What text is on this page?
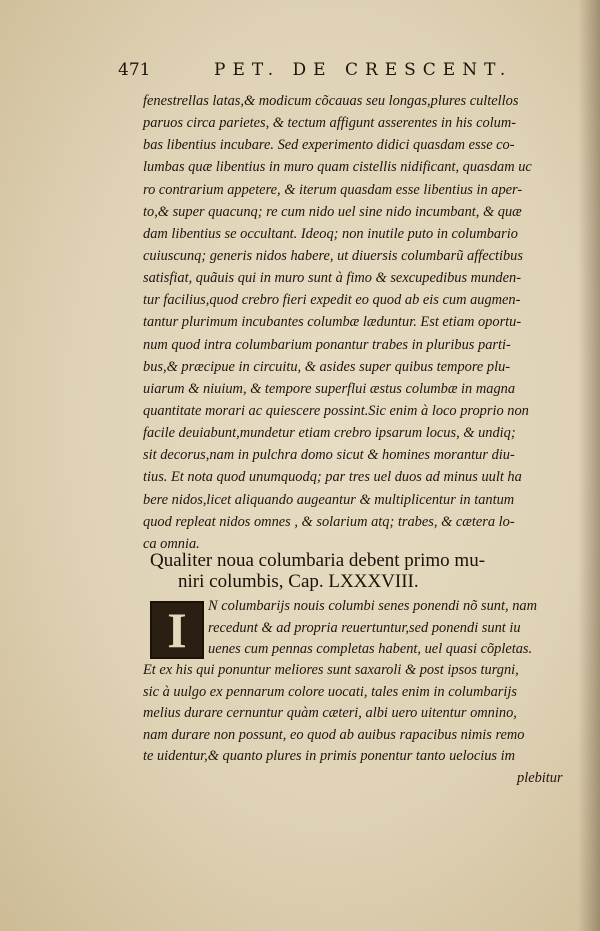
471	PET. DE CRESCENT.
fenestrellas latas,& modicum cõcauas seu longas,plures cultellos
paruos circa parietes, & tectum affigunt asserentes in his colum-
bas libentius incubare. Sed experimento didici quasdam esse co-
lumbas quæ libentius in muro quam cistellis nidificant, quasdam uc
ro contrarium appetere, & iterum quasdam esse libentius in aper-
to,& super quacunq; re cum nido uel sine nido incumbant, & quæ
dam libentius se occultant. Ideoq; non inutile puto in columbario
cuiuscunq; generis nidos habere, ut diuersis columbarũ affectibus
satisfiat, quãuis qui in muro sunt à fimo & sexcupedibus munden-
tur facilius,quod crebro fieri expedit eo quod ab eis cum augmen-
tantur plurimum incubantes columbæ læduntur. Est etiam oportu-
num quod intra columbarium ponantur trabes in pluribus parti-
bus,& præcipue in circuitu, & asides super quibus tempore plu-
uiarum & niuium, & tempore superflui æstus columbæ in magna
quantitate morari ac quiescere possint.Sic enim à loco proprio non
facile deuiabunt,mundetur etiam crebro ipsarum locus, & undiq;
sit decorus,nam in pulchra domo sicut & homines morantur diu-
tius. Et nota quod unumquodq; par tres uel duos ad minus uult ha
bere nidos,licet aliquando augeantur & multiplicentur in tantum
quod repleat nidos omnes , & solarium atq; trabes, & cætera lo-
ca omnia.
Qualiter noua columbaria debent primo mu-
niri columbis, Cap. LXXXVIII.
I N columbarijs nouis columbi senes ponendi nõ sunt, nam
recedunt & ad propria reuertuntur,sed ponendi sunt iu
uenes cum pennas completas habent, uel quasi cõpletas.
Et ex his qui ponuntur meliores sunt saxaroli & post ipsos turgni,
sic à uulgo ex pennarum colore uocati, tales enim in columbarijs
melius durare cernuntur quàm cæteri, albi uero uitentur omnino,
nam durare non possunt, eo quod ab auibus rapacibus nimis remo
te uidentur,& quanto plures in primis ponentur tanto uelocius im
plebitur
